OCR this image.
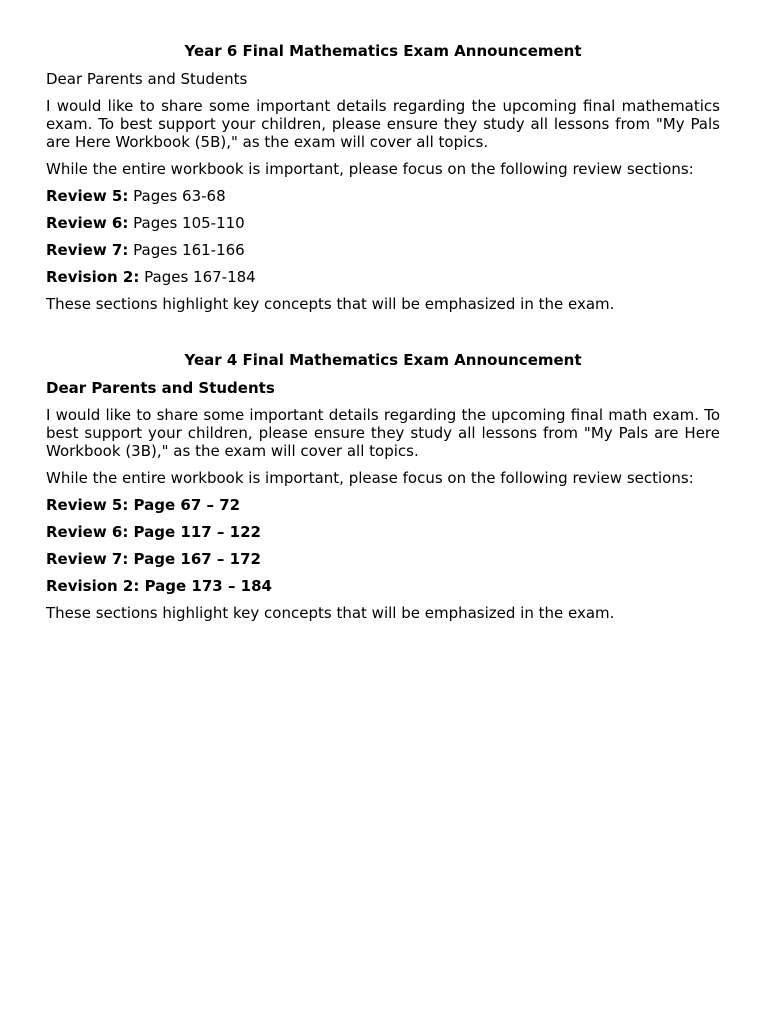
Year 6 Final Mathematics Exam Announcement

Dear Parents and Students

I would like to share some important details regarding the upcoming final mathematics exam. To best support your children, please ensure they study all lessons from "My Pals are Here Workbook (5B)," as the exam will cover all topics.

While the entire workbook is important, please focus on the following review sections:

Review 5: Pages 63-68

Review 6: Pages 105-110

Review 7: Pages 161-166

Revision 2: Pages 167-184

These sections highlight key concepts that will be emphasized in the exam.

Year 4 Final Mathematics Exam Announcement

Dear Parents and Students

I would like to share some important details regarding the upcoming final math exam. To best support your children, please ensure they study all lessons from "My Pals are Here Workbook (3B)," as the exam will cover all topics.

While the entire workbook is important, please focus on the following review sections:

Review 5: Page 67 – 72

Review 6: Page 117 – 122

Review 7: Page 167 – 172

Revision 2: Page 173 – 184

These sections highlight key concepts that will be emphasized in the exam.
